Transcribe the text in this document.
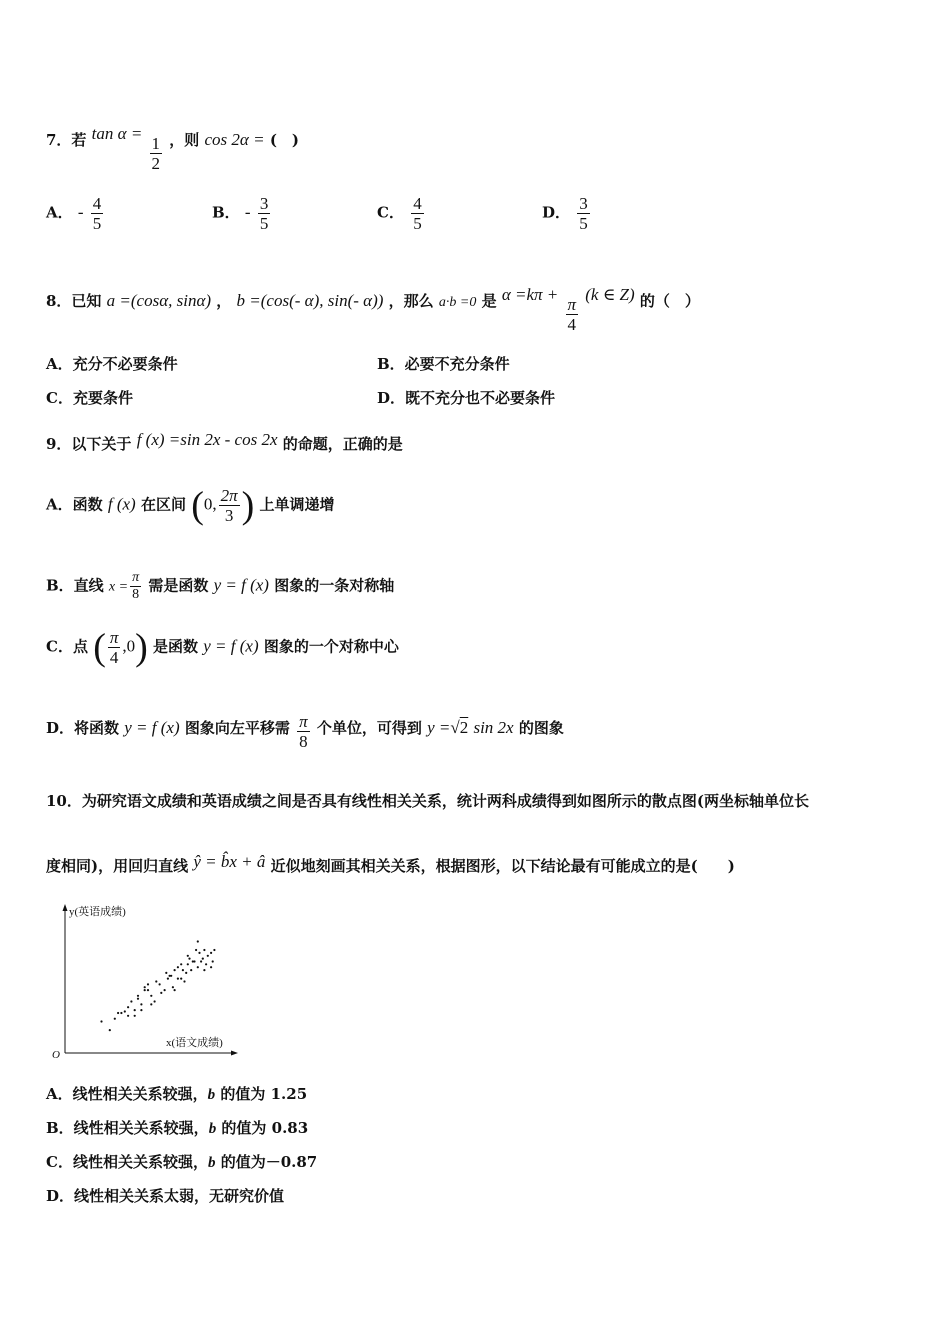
7．若 tan α =
$\frac{1}{2}$ ，则 cos 2α = (　)
A． - $\frac{4}{5}$	B． - $\frac{3}{5}$	C． $\frac{4}{5}$	D． $\frac{3}{5}$
8．已知 a =(cosα, sinα) ， b =(cos(- α), sin(- α)) ，那么 a·b =0 是 α =kπ +
$\frac{\pi}{4}$
(k ∈ Z) 的（　）
A．充分不必要条件	B．必要不充分条件
C．充要条件	D．既不充分也不必要条件
9．以下关于 f (x) =sin 2x - cos 2x 的命题，正确的是
A．函数 f (x) 在区间 (0, $\frac{2\pi}{3}$ ) 上单调递增
B．直线 $x = \frac{\pi}{8}$ 需是函数 y = f (x) 图象的一条对称轴
C．点 ( $\frac{\pi}{4} ,0$) 是函数 y = f (x) 图象的一个对称中心
D．将函数 y = f (x) 图象向左平移需 $\frac{\pi}{8}$ 个单位，可得到 y =√2 sin 2x 的图象
10．为研究语文成绩和英语成绩之间是否具有线性相关关系，统计两科成绩得到如图所示的散点图(两坐标轴单位长
度相同)，用回归直线 ŷ = b̂x + â 近似地刻画其相关关系，根据图形，以下结论最有可能成立的是(　　)
y(英语成绩)
x(语文成绩)
O
A．线性相关关系较强，b 的值为 1.25
B．线性相关关系较强，b 的值为 0.83
C．线性相关关系较强，b 的值为－0.87
D．线性相关关系太弱，无研究价值
